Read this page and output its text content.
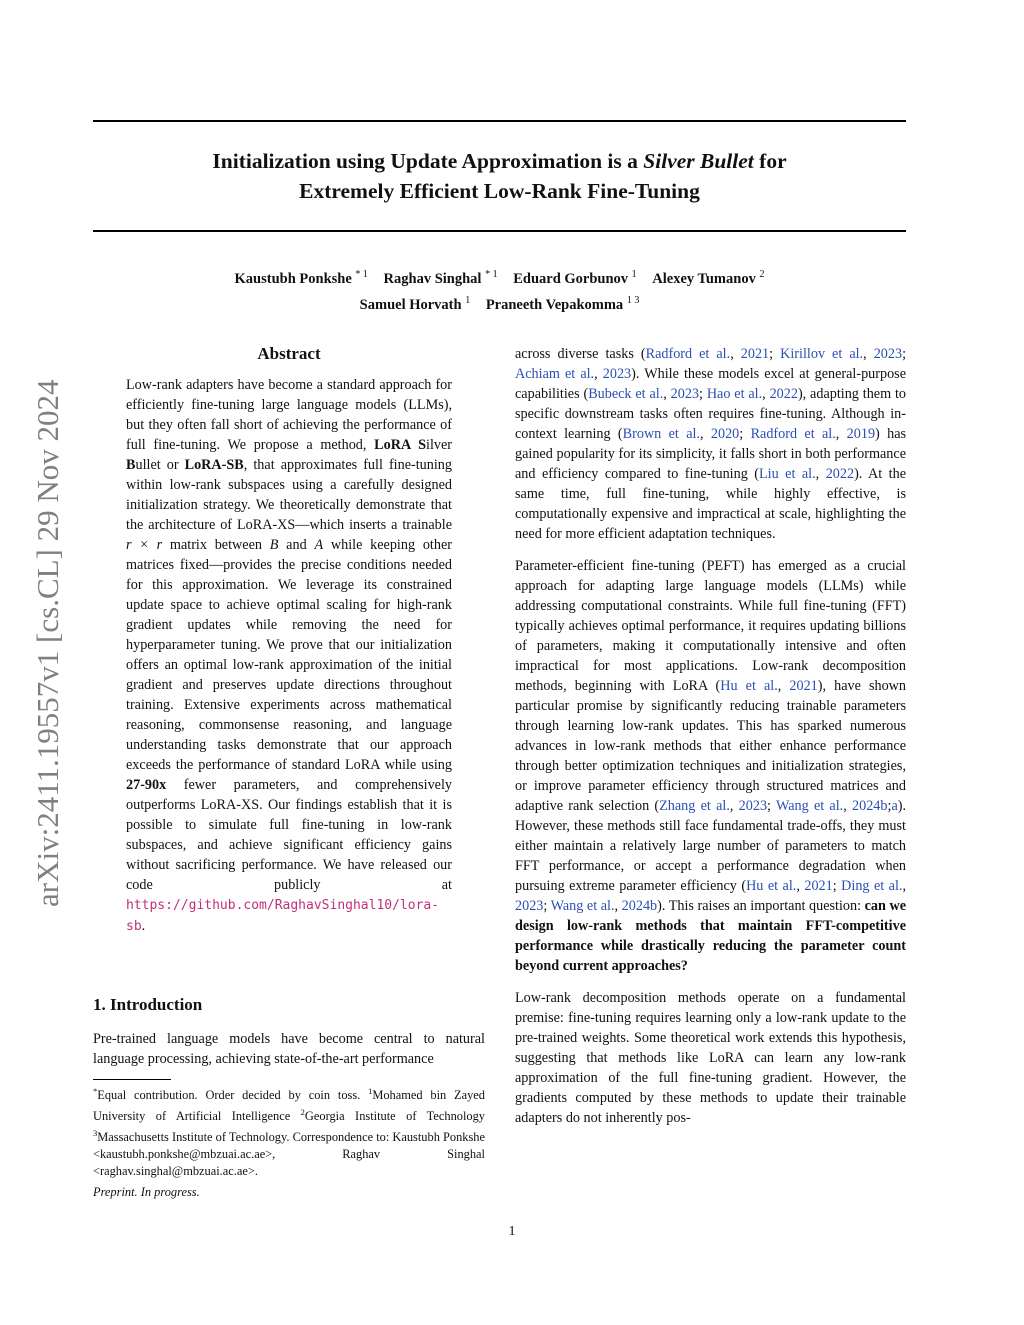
Initialization using Update Approximation is a Silver Bullet for
Extremely Efficient Low-Rank Fine-Tuning
Kaustubh Ponkshe $^{* 1}$ Raghav Singhal $^{* 1}$ Eduard Gorbunov $^1$ Alexey Tumanov $^2$
Samuel Horvath $^1$ Praneeth Vepakomma $^{1 3}$
arXiv:2411.19557v1 [cs.CL] 29 Nov 2024
Abstract

Low-rank adapters have become a standard approach for efficiently fine-tuning large language models (LLMs), but they often fall short of achieving the performance of full fine-tuning. We propose a method, LoRA Silver Bullet or LoRA-SB, that approximates full fine-tuning within low-rank subspaces using a carefully designed initialization strategy. We theoretically demonstrate that the architecture of LoRA-XS—which inserts a trainable r × r matrix between B and A while keeping other matrices fixed—provides the precise conditions needed for this approximation. We leverage its constrained update space to achieve optimal scaling for high-rank gradient updates while removing the need for hyperparameter tuning. We prove that our initialization offers an optimal low-rank approximation of the initial gradient and preserves update directions throughout training. Extensive experiments across mathematical reasoning, commonsense reasoning, and language understanding tasks demonstrate that our approach exceeds the performance of standard LoRA while using 27-90x fewer parameters, and comprehensively outperforms LoRA-XS. Our findings establish that it is possible to simulate full fine-tuning in low-rank subspaces, and achieve significant efficiency gains without sacrificing performance. We have released our code publicly at https://github.com/RaghavSinghal10/lora-sb.

1. Introduction

Pre-trained language models have become central to natural language processing, achieving state-of-the-art performance

*Equal contribution. Order decided by coin toss. $^1$Mohamed bin Zayed University of Artificial Intelligence $^2$Georgia Institute of Technology $^3$Massachusetts Institute of Technology. Correspondence to: Kaustubh Ponkshe <kaustubh.ponkshe@mbzuai.ac.ae>, Raghav Singhal <raghav.singhal@mbzuai.ac.ae>.
Preprint. In progress.

across diverse tasks (Radford et al., 2021; Kirillov et al., 2023; Achiam et al., 2023). While these models excel at general-purpose capabilities (Bubeck et al., 2023; Hao et al., 2022), adapting them to specific downstream tasks often requires fine-tuning. Although in-context learning (Brown et al., 2020; Radford et al., 2019) has gained popularity for its simplicity, it falls short in both performance and efficiency compared to fine-tuning (Liu et al., 2022). At the same time, full fine-tuning, while highly effective, is computationally expensive and impractical at scale, highlighting the need for more efficient adaptation techniques.

Parameter-efficient fine-tuning (PEFT) has emerged as a crucial approach for adapting large language models (LLMs) while addressing computational constraints. While full fine-tuning (FFT) typically achieves optimal performance, it requires updating billions of parameters, making it computationally intensive and often impractical for most applications. Low-rank decomposition methods, beginning with LoRA (Hu et al., 2021), have shown particular promise by significantly reducing trainable parameters through learning low-rank updates. This has sparked numerous advances in low-rank methods that either enhance performance through better optimization techniques and initialization strategies, or improve parameter efficiency through structured matrices and adaptive rank selection (Zhang et al., 2023; Wang et al., 2024b;a). However, these methods still face fundamental trade-offs, they must either maintain a relatively large number of parameters to match FFT performance, or accept a performance degradation when pursuing extreme parameter efficiency (Hu et al., 2021; Ding et al., 2023; Wang et al., 2024b). This raises an important question: can we design low-rank methods that maintain FFT-competitive performance while drastically reducing the parameter count beyond current approaches?

Low-rank decomposition methods operate on a fundamental premise: fine-tuning requires learning only a low-rank update to the pre-trained weights. Some theoretical work extends this hypothesis, suggesting that methods like LoRA can learn any low-rank approximation of the full fine-tuning gradient. However, the gradients computed by these methods to update their trainable adapters do not inherently pos-

1
